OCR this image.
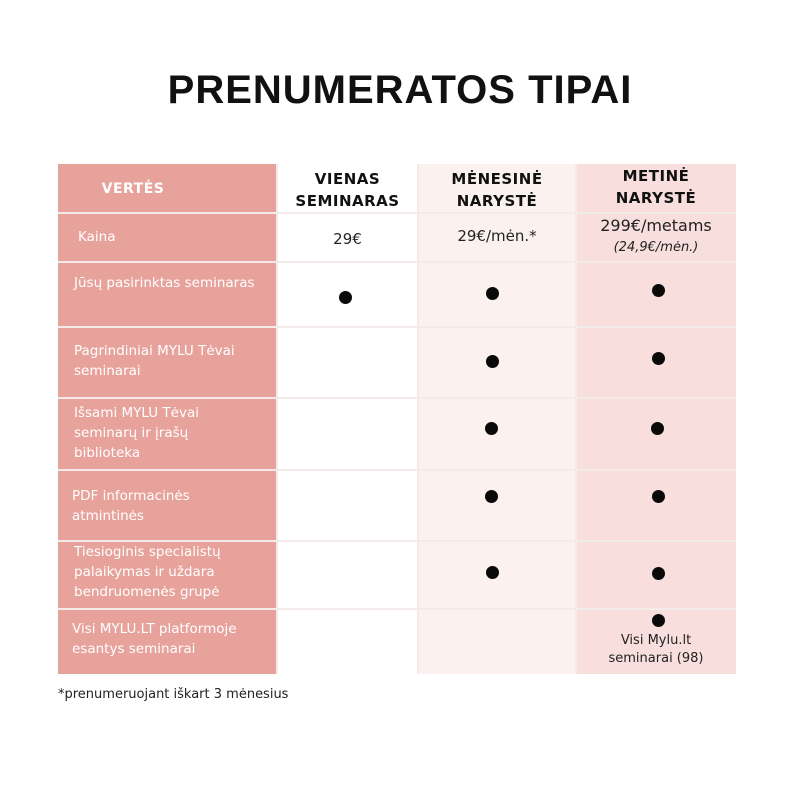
PRENUMERATOS TIPAI
VERTĖS
VIENAS
SEMINARAS
MĖNESINĖ
NARYSTĖ
METINĖ
NARYSTĖ
Kaina	29€	29€/mėn.*
299€/metams
(24,9€/mėn.)
Jūsų pasirinktas seminaras
Pagrindiniai MYLU Tėvai seminarai
Išsami MYLU Tėvai seminarų ir įrašų biblioteka
PDF informacinės atmintinės
Tiesioginis specialistų palaikymas ir uždara bendruomenės grupė
Visi MYLU.LT platformoje esantys seminarai
Visi Mylu.lt
seminarai (98)
*prenumeruojant iškart 3 mėnesius
